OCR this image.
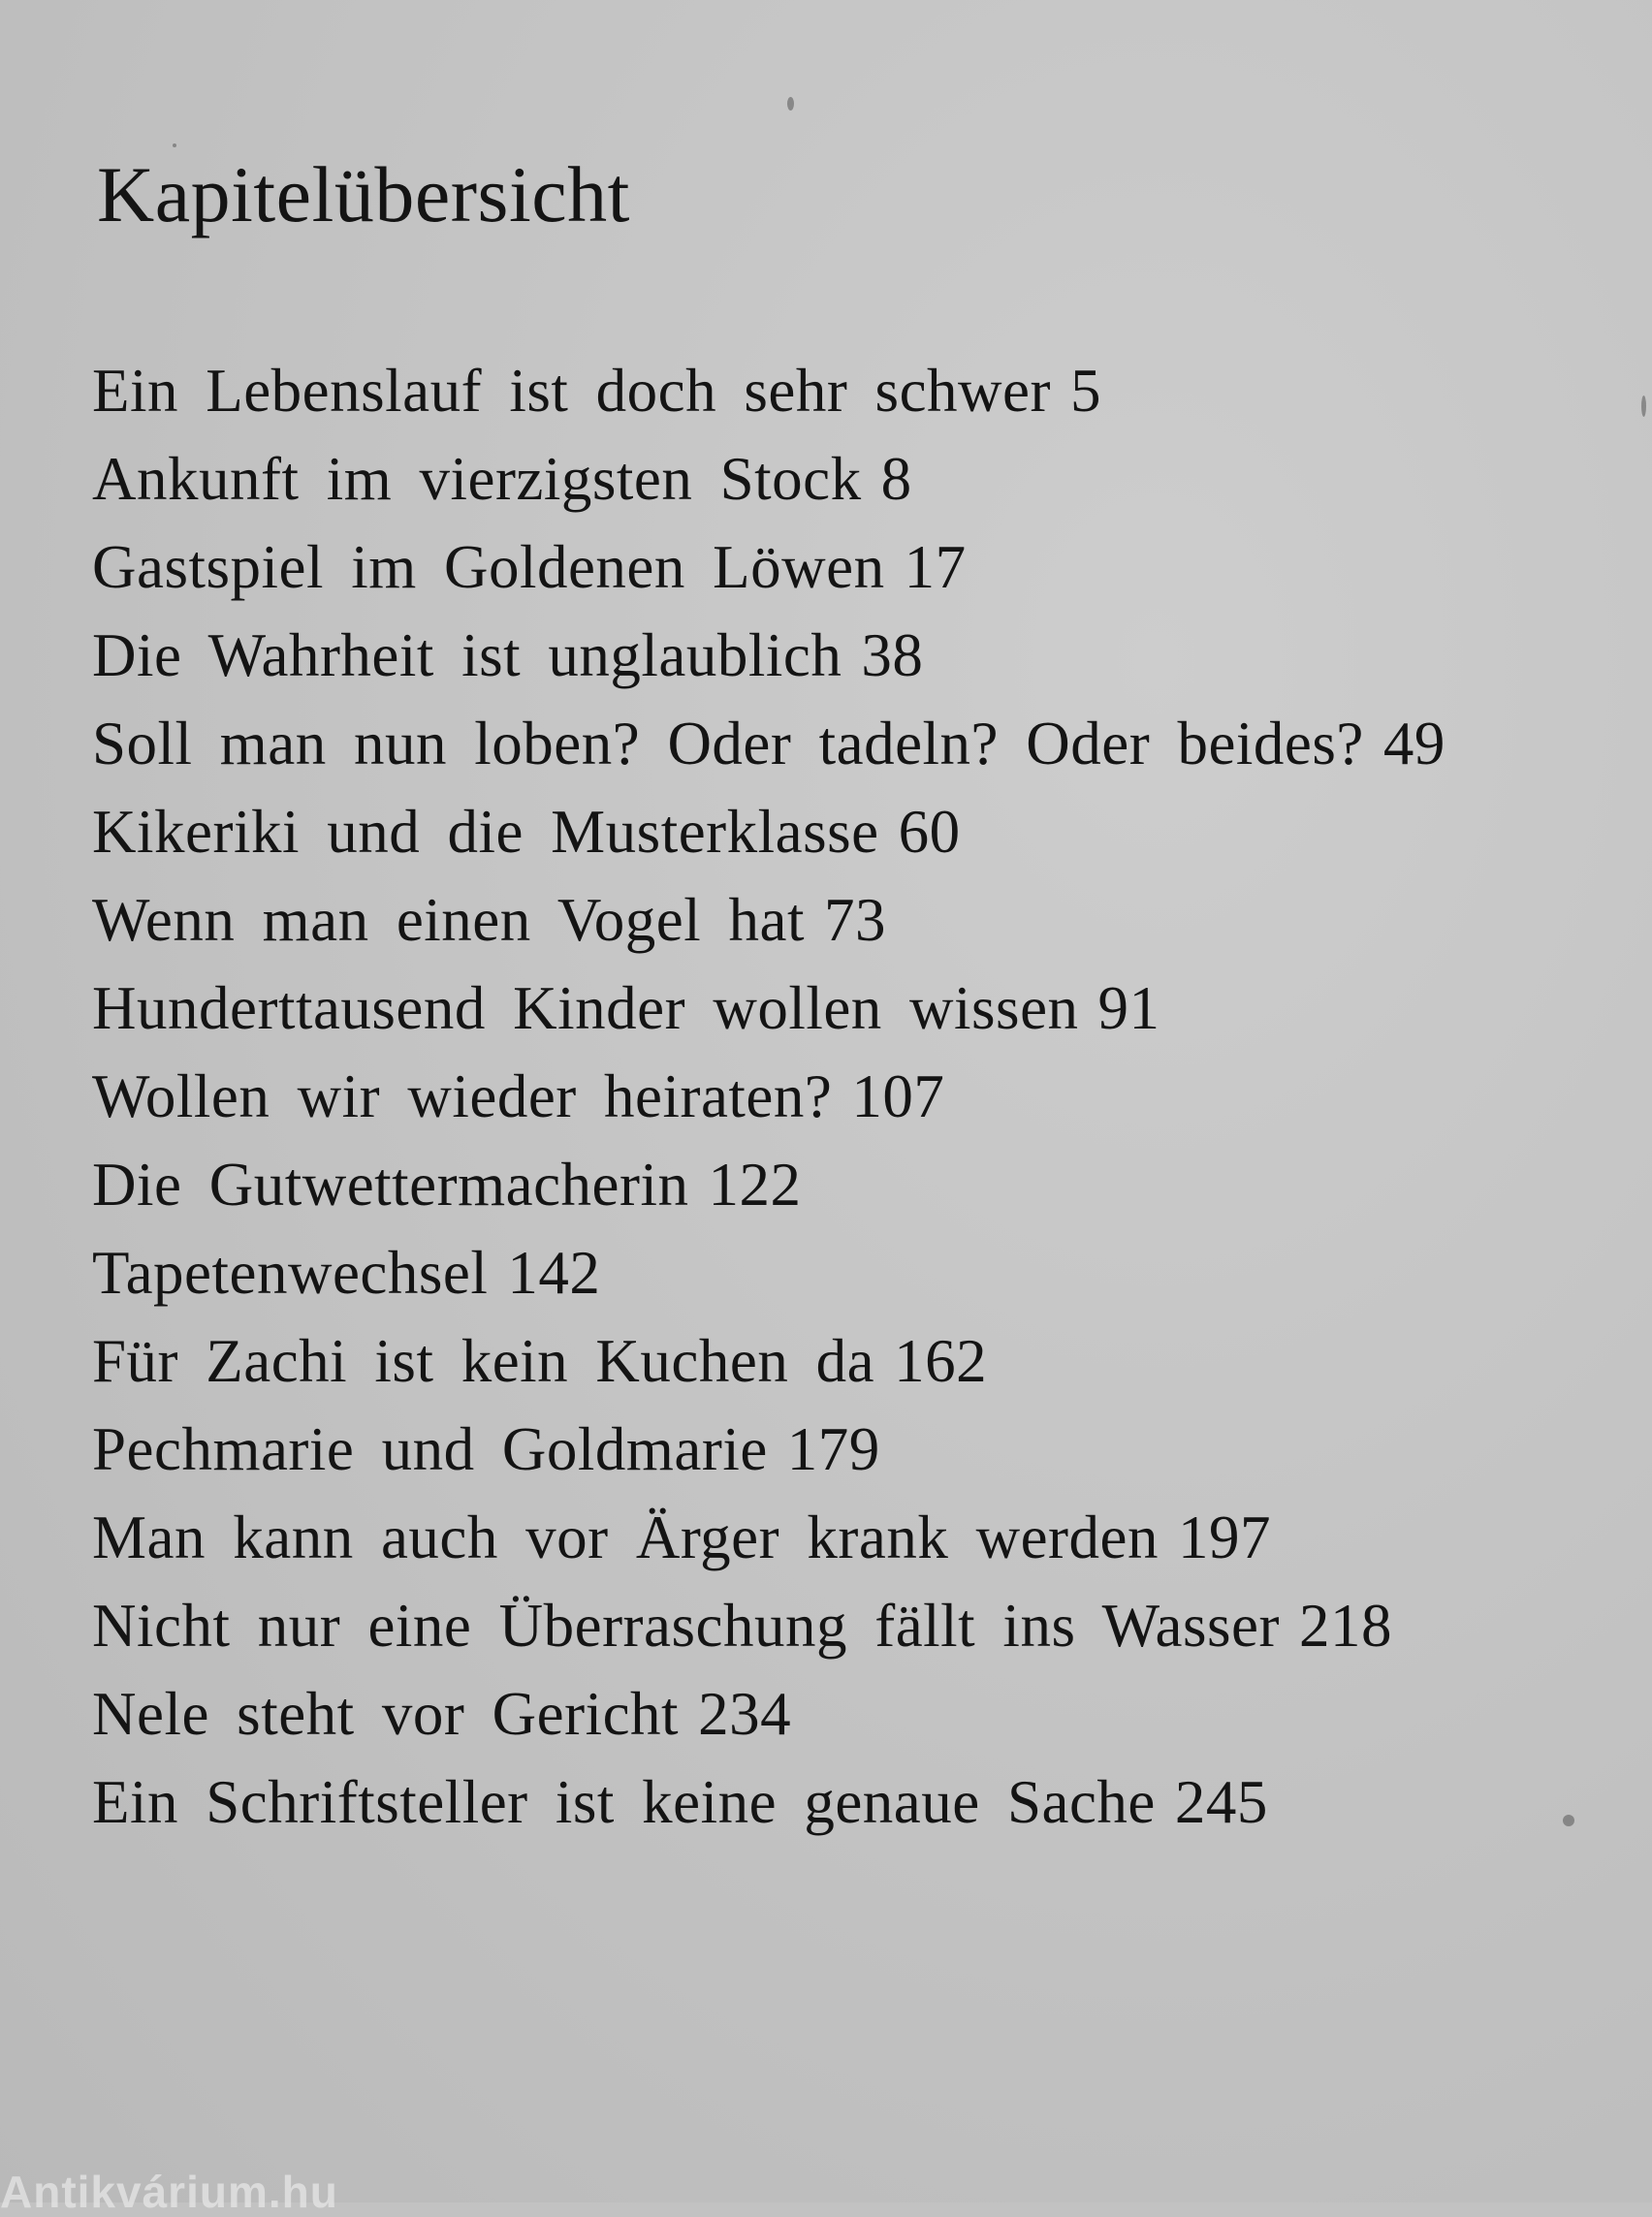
Kapitelübersicht
Ein Lebenslauf ist doch sehr schwer 5
Ankunft im vierzigsten Stock 8
Gastspiel im Goldenen Löwen 17
Die Wahrheit ist unglaublich 38
Soll man nun loben? Oder tadeln? Oder beides? 49
Kikeriki und die Musterklasse 60
Wenn man einen Vogel hat 73
Hunderttausend Kinder wollen wissen 91
Wollen wir wieder heiraten? 107
Die Gutwettermacherin 122
Tapetenwechsel 142
Für Zachi ist kein Kuchen da 162
Pechmarie und Goldmarie 179
Man kann auch vor Ärger krank werden 197
Nicht nur eine Überraschung fällt ins Wasser 218
Nele steht vor Gericht 234
Ein Schriftsteller ist keine genaue Sache 245
Antikvárium.hu
